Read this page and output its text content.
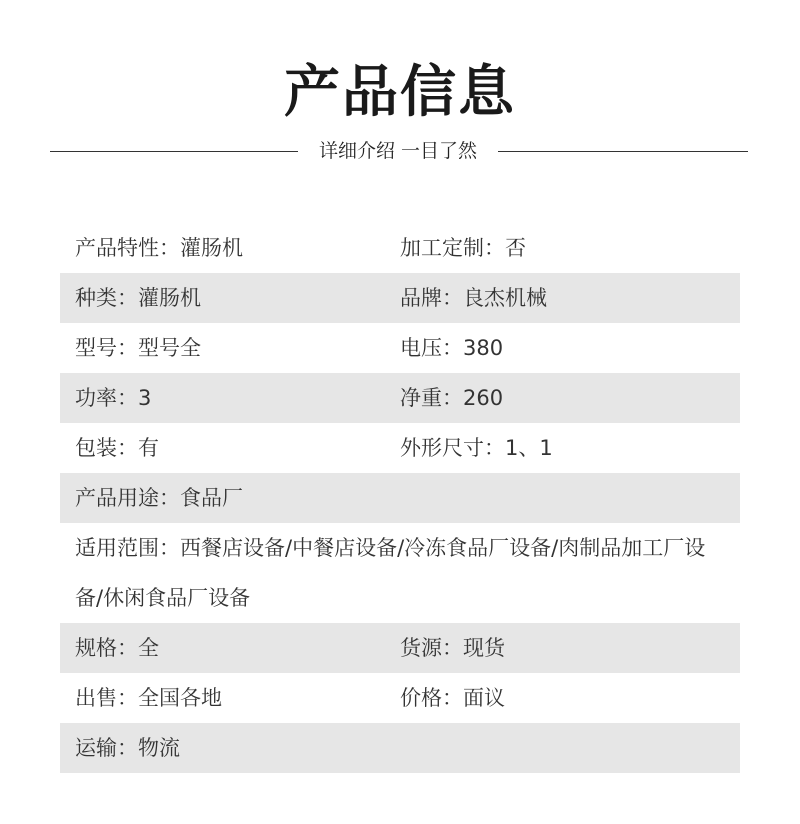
产品信息
详细介绍 一目了然
产品特性：灌肠机	加工定制：否
种类：灌肠机	品牌：良杰机械
型号：型号全	电压：380
功率：3	净重：260
包装：有	外形尺寸：1、1
产品用途：食品厂
适用范围：西餐店设备/中餐店设备/冷冻食品厂设备/肉制品加工厂设备/休闲食品厂设备
规格：全	货源：现货
出售：全国各地	价格：面议
运输：物流
